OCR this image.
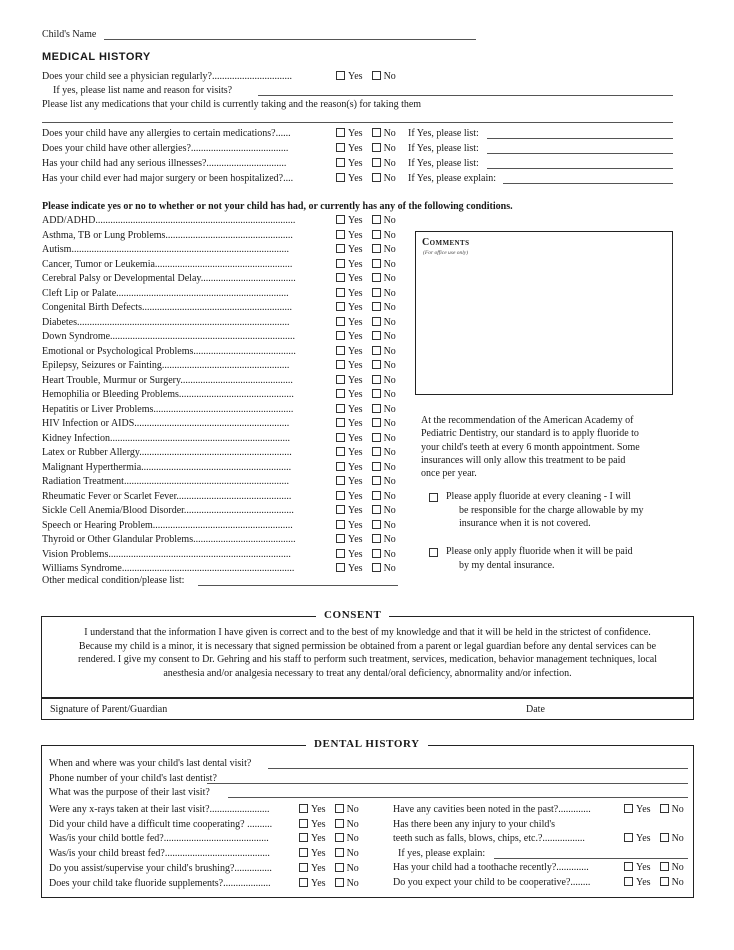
Child's Name
MEDICAL HISTORY
Does your child see a physician regularly?................................	Yes No
If yes, please list name and reason for visits?
Please list any medications that your child is currently taking and the reason(s) for taking them
Does your child have any allergies to certain medications?......	Yes No If Yes, please list:
Does your child have other allergies?.......................................	Yes No If Yes, please list:
Has your child had any serious illnesses?................................	Yes No If Yes, please list:
Has your child ever had major surgery or been hospitalized?....	Yes No If Yes, please explain:
Please indicate yes or no to whether or not your child has had, or currently has any of the following conditions.
ADD/ADHD................................................................................	Yes No
Asthma, TB or Lung Problems...................................................	Yes No
Autism.......................................................................................	Yes No
Cancer, Tumor or Leukemia.......................................................	Yes No
Cerebral Palsy or Developmental Delay......................................	Yes No
Cleft Lip or Palate.....................................................................	Yes No
Congenital Birth Defects............................................................	Yes No
Diabetes.....................................................................................	Yes No
Down Syndrome..........................................................................	Yes No
Emotional or Psychological Problems.........................................	Yes No
Epilepsy, Seizures or Fainting...................................................	Yes No
Heart Trouble, Murmur or Surgery.............................................	Yes No
Hemophilia or Bleeding Problems..............................................	Yes No
Hepatitis or Liver Problems........................................................	Yes No
HIV Infection or AIDS..............................................................	Yes No
Kidney Infection........................................................................	Yes No
Latex or Rubber Allergy.............................................................	Yes No
Malignant Hyperthermia............................................................	Yes No
Radiation Treatment..................................................................	Yes No
Rheumatic Fever or Scarlet Fever..............................................	Yes No
Sickle Cell Anemia/Blood Disorder............................................	Yes No
Speech or Hearing Problem........................................................	Yes No
Thyroid or Other Glandular Problems.........................................	Yes No
Vision Problems.........................................................................	Yes No
Williams Syndrome.....................................................................	Yes No
Other medical condition/please list:
Comments
(For office use only)
At the recommendation of the American Academy of
Pediatric Dentistry, our standard is to apply fluoride to
your child's teeth at every 6 month appointment. Some
insurances will only allow this treatment to be paid
once per year.
Please apply fluoride at every cleaning - I will
be responsible for the charge allowable by my
insurance when it is not covered.
Please only apply fluoride when it will be paid
by my dental insurance.
CONSENT
I understand that the information I have given is correct and to the best of my knowledge and that it will be held in the strictest of confidence.
Because my child is a minor, it is necessary that signed permission be obtained from a parent or legal guardian before any dental services can be
rendered. I give my consent to Dr. Gehring and his staff to perform such treatment, services, medication, behavior management techniques, local
anesthesia and/or analgesia necessary to treat any dental/oral deficiency, abnormality and/or infection.
Signature of Parent/Guardian	Date
DENTAL HISTORY
When and where was your child's last dental visit?
Phone number of your child's last dentist?
What was the purpose of their last visit?
Were any x-rays taken at their last visit?........................	Yes No
Did your child have a difficult time cooperating? ..........	Yes No
Was/is your child bottle fed?..........................................	Yes No
Was/is your child breast fed?..........................................	Yes No
Do you assist/supervise your child's brushing?...............	Yes No
Does your child take fluoride supplements?...................	Yes No
Have any cavities been noted in the past?.............	Yes No
Has there been any injury to your child's
teeth such as falls, blows, chips, etc.?.................	Yes No
If yes, please explain:
Has your child had a toothache recently?.............	Yes No
Do you expect your child to be cooperative?........	Yes No
